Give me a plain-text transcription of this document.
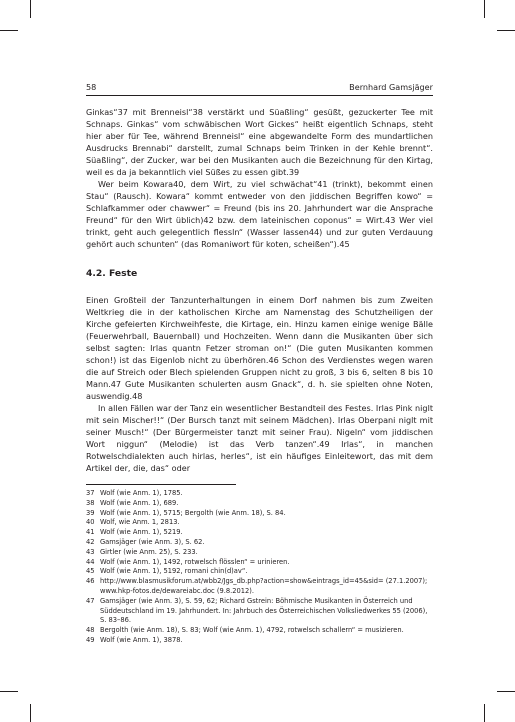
58	Bernhard Gamsjäger

Ginkas“37 mit Brenneisl“38 verstärkt und Süaßling“ gesüßt, gezuckerter Tee mit Schnaps. Ginkas“ vom schwäbischen Wort Gickes“ heißt eigentlich Schnaps, steht hier aber für Tee, während Brenneisl“ eine abgewandelte Form des mundartlichen Ausdrucks Brennabi“ darstellt, zumal Schnaps beim Trinken in der Kehle brennt“. Süaßling“, der Zucker, war bei den Musikanten auch die Bezeichnung für den Kirtag, weil es da ja bekanntlich viel Süßes zu essen gibt.39

Wer beim Kowara40, dem Wirt, zu viel schwächat“41 (trinkt), bekommt einen Stau“ (Rausch). Kowara“ kommt entweder von den jiddischen Begriffen kowo“ = Schlafkammer oder chawwer“ = Freund (bis ins 20. Jahrhundert war die Ansprache Freund“ für den Wirt üblich)42 bzw. dem lateinischen coponus“ = Wirt.43 Wer viel trinkt, geht auch gelegentlich flessln“ (Wasser lassen44) und zur guten Verdauung gehört auch schunten“ (das Romaniwort für koten, scheißen“).45

4.2. Feste

Einen Großteil der Tanzunterhaltungen in einem Dorf nahmen bis zum Zweiten Weltkrieg die in der katholischen Kirche am Namenstag des Schutzheiligen der Kirche gefeierten Kirchweihfeste, die Kirtage, ein. Hinzu kamen einige wenige Bälle (Feuerwehrball, Bauernball) und Hochzeiten. Wenn dann die Musikanten über sich selbst sagten: Irlas quantn Fetzer stroman on!“ (Die guten Musikanten kommen schon!) ist das Eigenlob nicht zu überhören.46 Schon des Verdienstes wegen waren die auf Streich oder Blech spielenden Gruppen nicht zu groß, 3 bis 6, selten 8 bis 10 Mann.47 Gute Musikanten schulerten ausm Gnack“, d. h. sie spielten ohne Noten, auswendig.48

In allen Fällen war der Tanz ein wesentlicher Bestandteil des Festes. Irlas Pink niglt mit sein Mischer!!“ (Der Bursch tanzt mit seinem Mädchen). Irlas Oberpani niglt mit seiner Musch!“ (Der Bürgermeister tanzt mit seiner Frau). Nigeln“ vom jiddischen Wort niggun“ (Melodie) ist das Verb tanzen“.49 Irlas“, in manchen Rotwelschdialekten auch hirlas, herles“, ist ein häufiges Einleitewort, das mit dem Artikel der, die, das“ oder

37 Wolf (wie Anm. 1), 1785.
38 Wolf (wie Anm. 1), 689.
39 Wolf (wie Anm. 1), 5715; Bergolth (wie Anm. 18), S. 84.
40 Wolf, wie Anm. 1, 2813.
41 Wolf (wie Anm. 1), 5219.
42 Gamsjäger (wie Anm. 3), S. 62.
43 Girtler (wie Anm. 25), S. 233.
44 Wolf (wie Anm. 1), 1492, rotwelsch flösslen“ = urinieren.
45 Wolf (wie Anm. 1), 5192, romani chin(d)av“.
46 http://www.blasmusikforum.at/wbb2/Jgs_db.php?action=show&eintrags_id=45&sid= (27.1.2007); www.hkp-fotos.de/dewareiabc.doc (9.8.2012).
47 Gamsjäger (wie Anm. 3), S. 59, 62; Richard Gstrein: Böhmische Musikanten in Österreich und Süddeutschland im 19. Jahrhundert. In: Jahrbuch des Österreichischen Volksliedwerkes 55 (2006), S. 83–86.
48 Bergolth (wie Anm. 18), S. 83; Wolf (wie Anm. 1), 4792, rotwelsch schallern“ = musizieren.
49 Wolf (wie Anm. 1), 3878.
